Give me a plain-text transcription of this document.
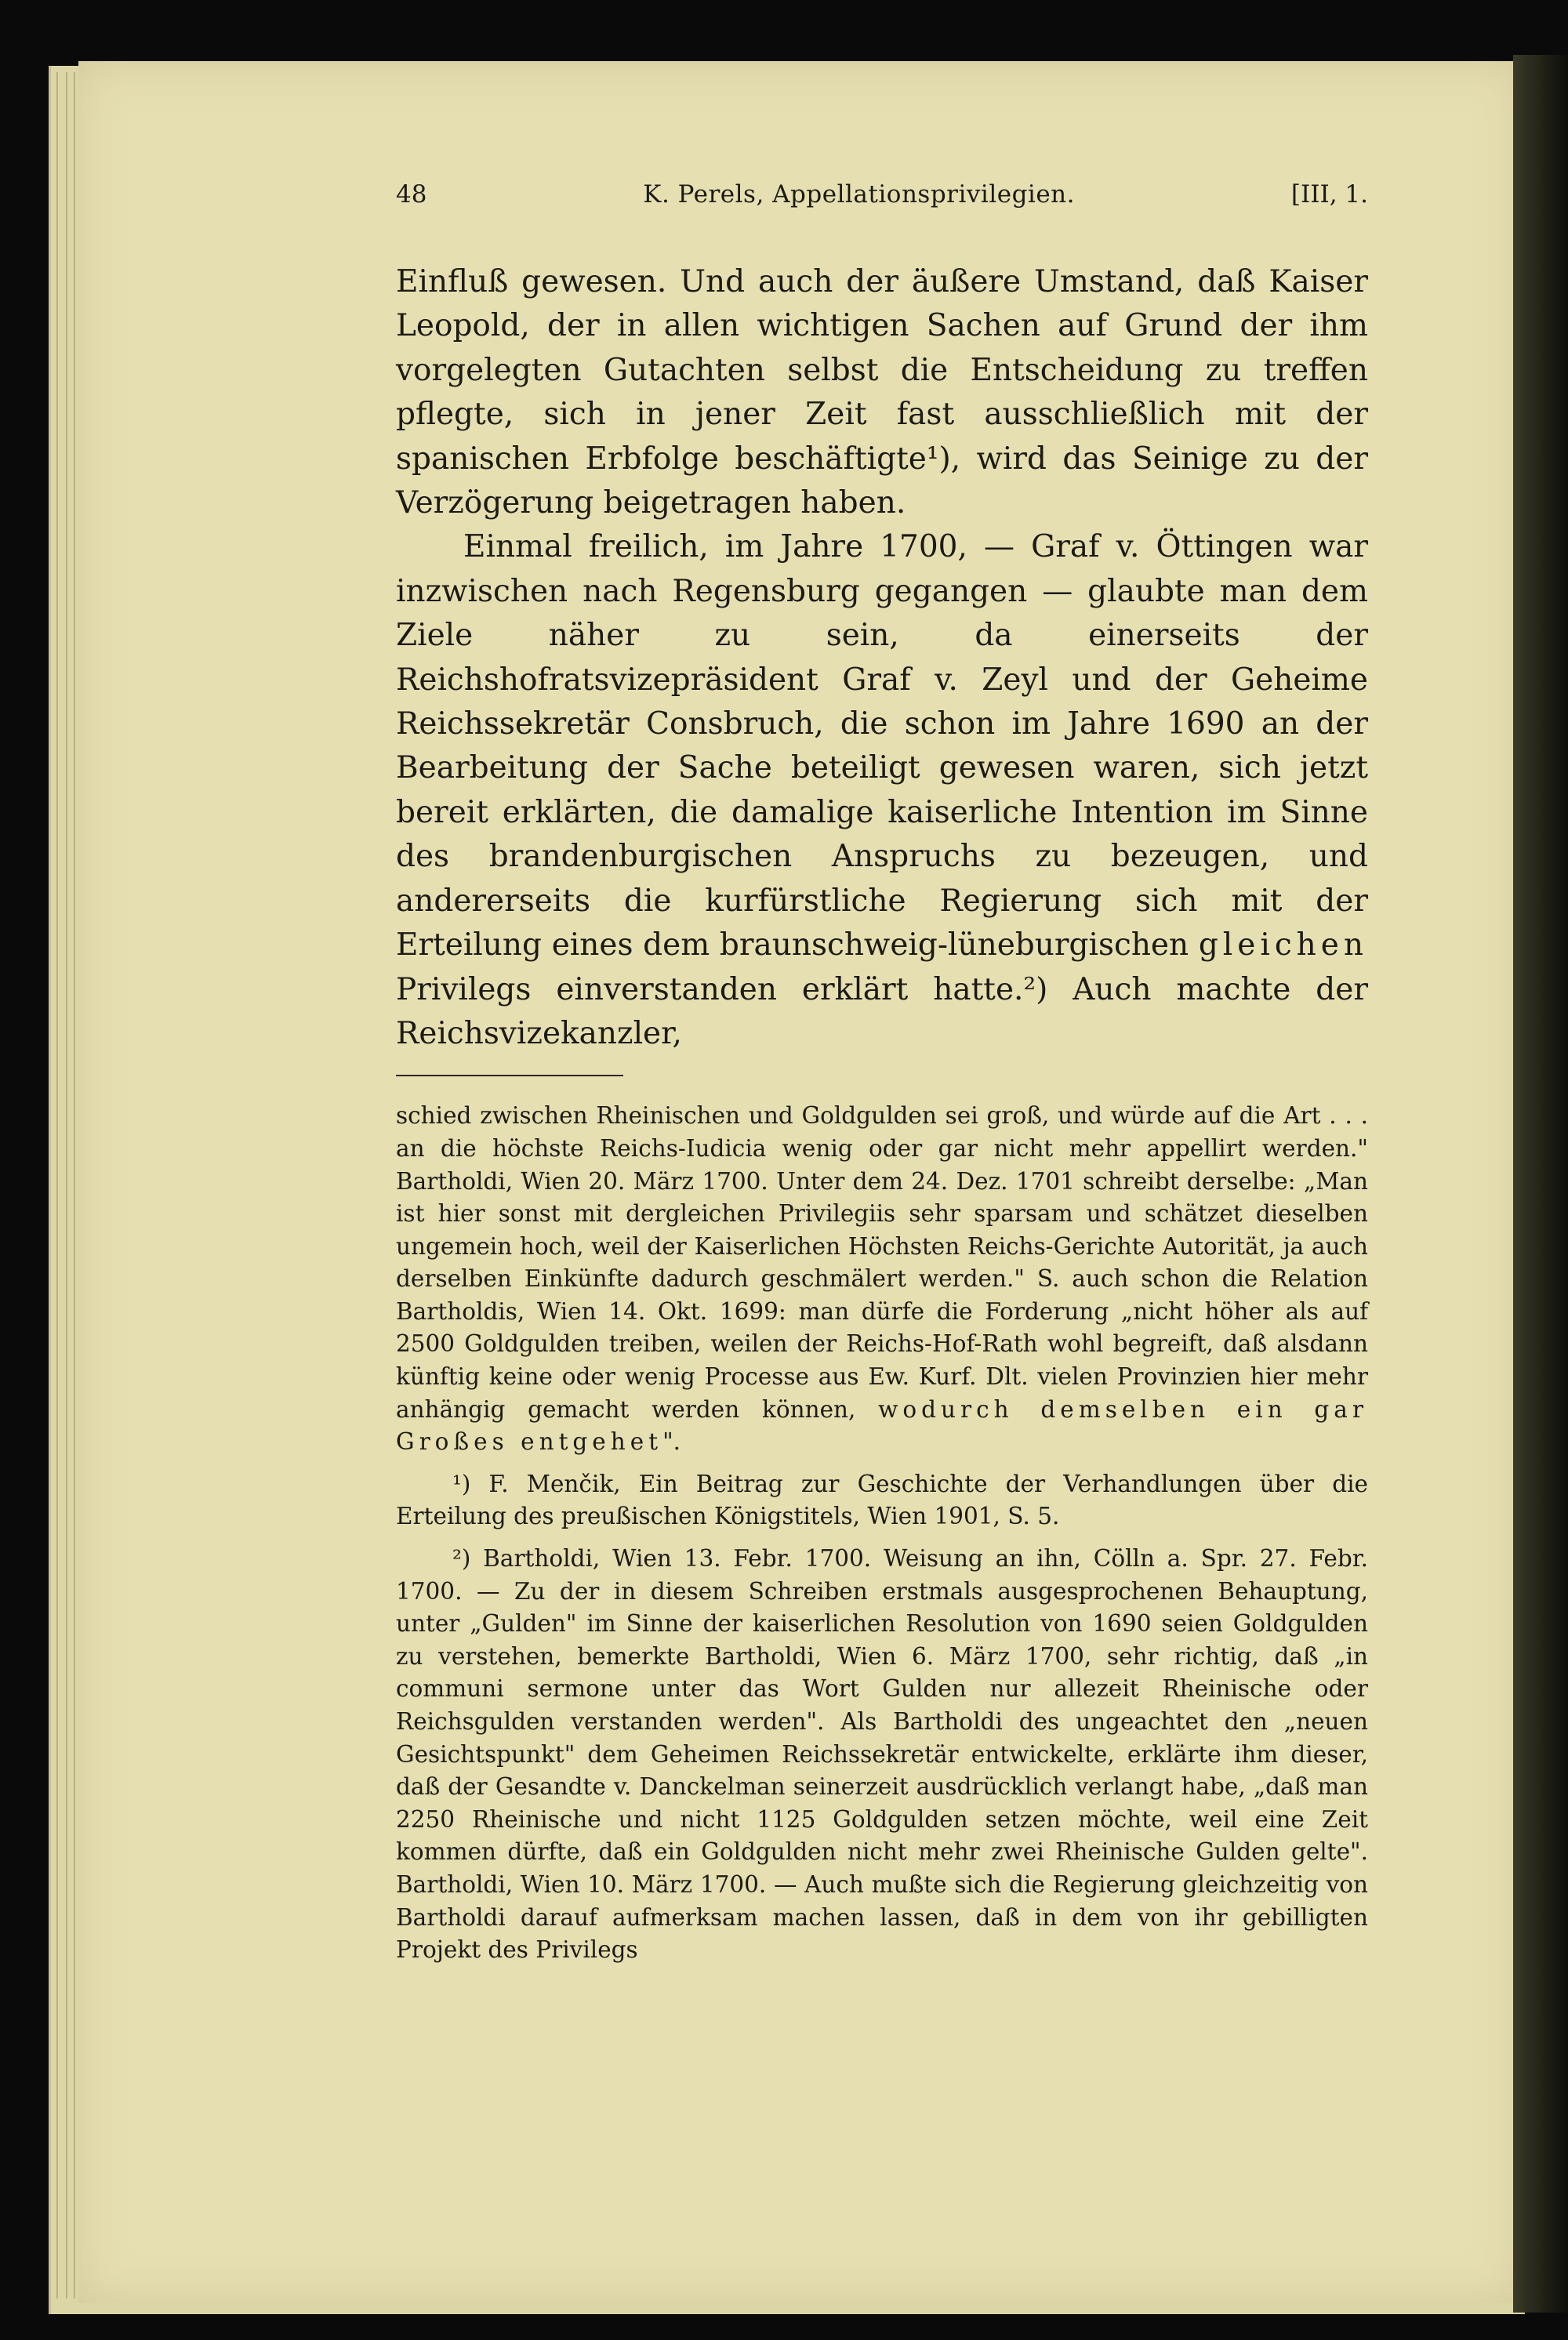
48	K. Perels, Appellationsprivilegien.	[III, 1.

Einfluß gewesen. Und auch der äußere Umstand, daß Kaiser Leopold, der in allen wichtigen Sachen auf Grund der ihm vorgelegten Gutachten selbst die Entscheidung zu treffen pflegte, sich in jener Zeit fast ausschließlich mit der spanischen Erbfolge beschäftigte¹), wird das Seinige zu der Verzögerung beigetragen haben.

Einmal freilich, im Jahre 1700, — Graf v. Öttingen war inzwischen nach Regensburg gegangen — glaubte man dem Ziele näher zu sein, da einerseits der Reichshofratsvizepräsident Graf v. Zeyl und der Geheime Reichssekretär Consbruch, die schon im Jahre 1690 an der Bearbeitung der Sache beteiligt gewesen waren, sich jetzt bereit erklärten, die damalige kaiserliche Intention im Sinne des brandenburgischen Anspruchs zu bezeugen, und andererseits die kurfürstliche Regierung sich mit der Erteilung eines dem braunschweig-lüneburgischen gleichen Privilegs einverstanden erklärt hatte.²) Auch machte der Reichsvizekanzler,

schied zwischen Rheinischen und Goldgulden sei groß, und würde auf die Art . . . an die höchste Reichs-Iudicia wenig oder gar nicht mehr appellirt werden." Bartholdi, Wien 20. März 1700. Unter dem 24. Dez. 1701 schreibt derselbe: „Man ist hier sonst mit dergleichen Privilegiis sehr sparsam und schätzet dieselben ungemein hoch, weil der Kaiserlichen Höchsten Reichs-Gerichte Autorität, ja auch derselben Einkünfte dadurch geschmälert werden." S. auch schon die Relation Bartholdis, Wien 14. Okt. 1699: man dürfe die Forderung „nicht höher als auf 2500 Goldgulden treiben, weilen der Reichs-Hof-Rath wohl begreift, daß alsdann künftig keine oder wenig Processe aus Ew. Kurf. Dlt. vielen Provinzien hier mehr anhängig gemacht werden können, wodurch demselben ein gar Großes entgehet".

¹) F. Menčik, Ein Beitrag zur Geschichte der Verhandlungen über die Erteilung des preußischen Königstitels, Wien 1901, S. 5.

²) Bartholdi, Wien 13. Febr. 1700. Weisung an ihn, Cölln a. Spr. 27. Febr. 1700. — Zu der in diesem Schreiben erstmals ausgesprochenen Behauptung, unter „Gulden" im Sinne der kaiserlichen Resolution von 1690 seien Goldgulden zu verstehen, bemerkte Bartholdi, Wien 6. März 1700, sehr richtig, daß „in communi sermone unter das Wort Gulden nur allezeit Rheinische oder Reichsgulden verstanden werden". Als Bartholdi des ungeachtet den „neuen Gesichtspunkt" dem Geheimen Reichssekretär entwickelte, erklärte ihm dieser, daß der Gesandte v. Danckelman seinerzeit ausdrücklich verlangt habe, „daß man 2250 Rheinische und nicht 1125 Goldgulden setzen möchte, weil eine Zeit kommen dürfte, daß ein Goldgulden nicht mehr zwei Rheinische Gulden gelte". Bartholdi, Wien 10. März 1700. — Auch mußte sich die Regierung gleichzeitig von Bartholdi darauf aufmerksam machen lassen, daß in dem von ihr gebilligten Projekt des Privilegs
